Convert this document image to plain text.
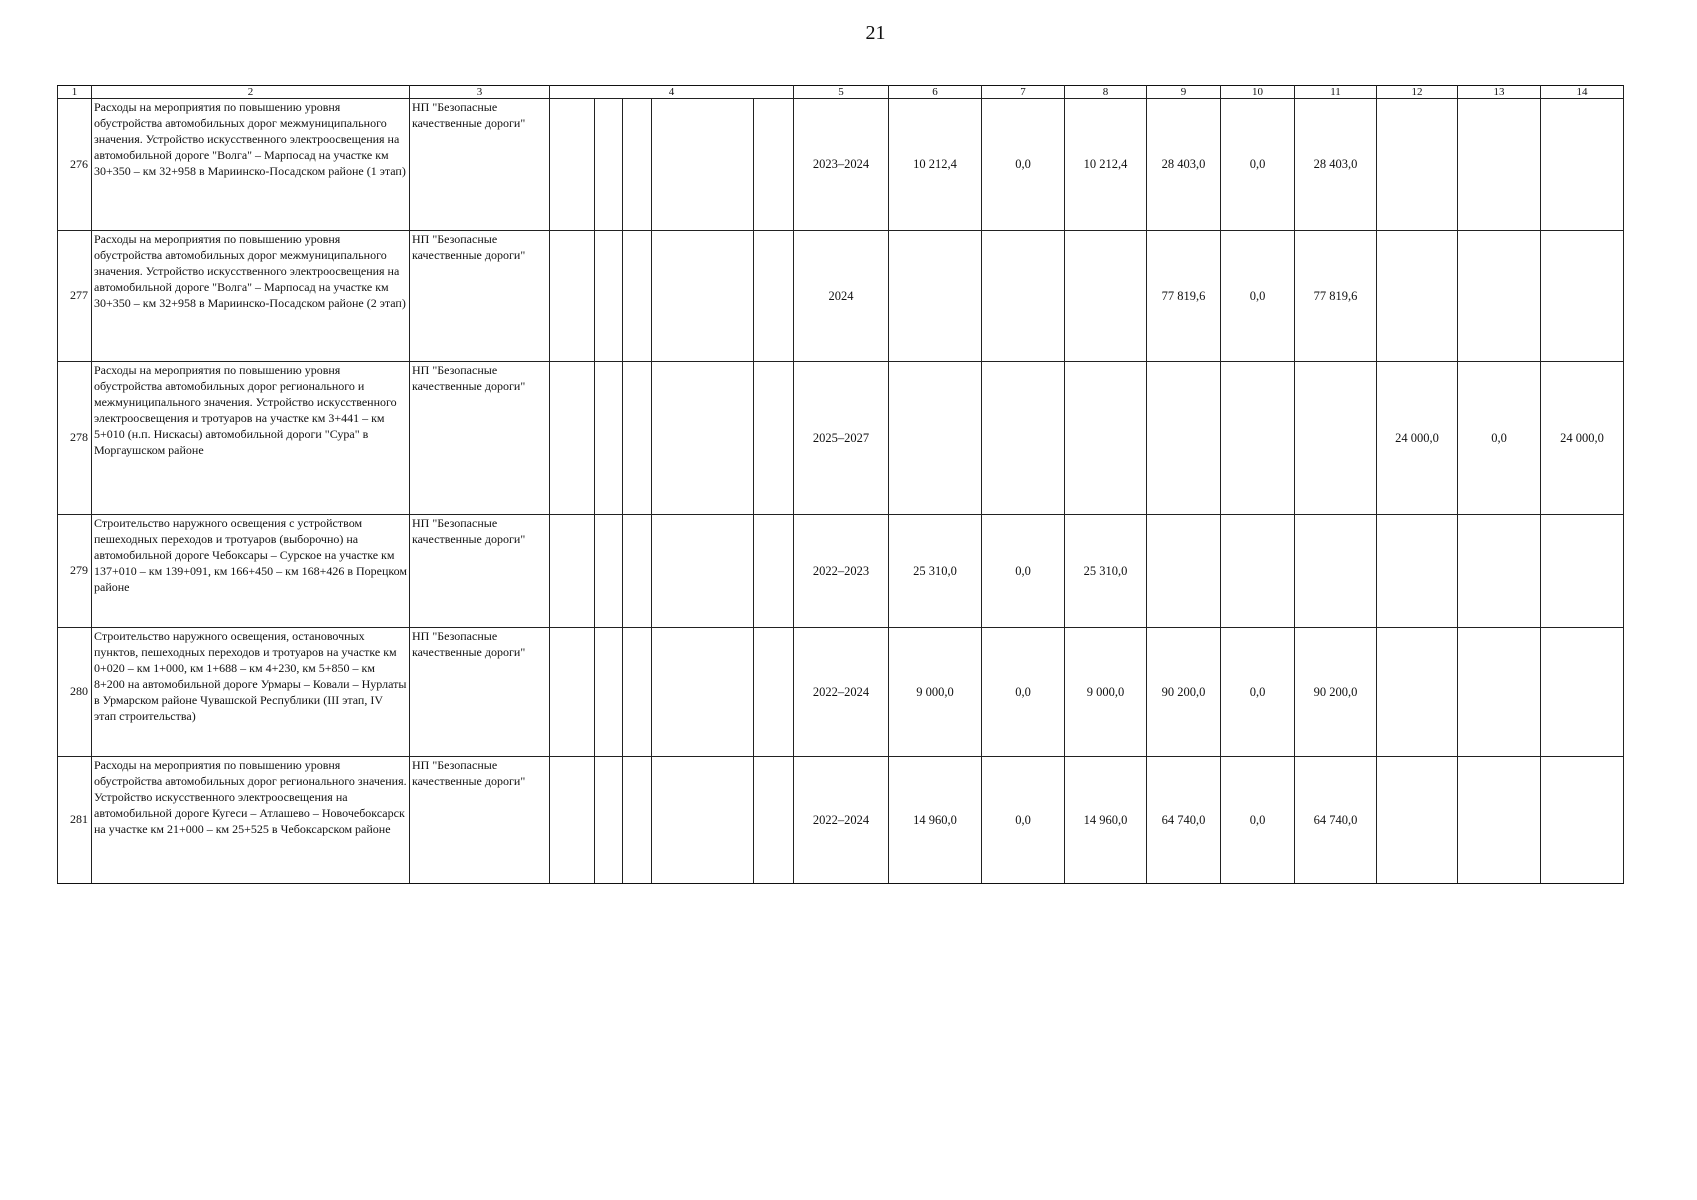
21
1	2	3	4					5	6	7	8	9	10	11	12	13	14
276	Расходы на мероприятия по повышению уровня обустройства автомобильных дорог межмуниципального значения. Устройство искусственного электроосвещения на автомобильной дороге "Волга" – Марпосад на участке км 30+350 – км 32+958 в Мариинско-Посадском районе (1 этап)	НП "Безопасные качественные дороги"						2023–2024	10 212,4	0,0	10 212,4	28 403,0	0,0	28 403,0			
277	Расходы на мероприятия по повышению уровня обустройства автомобильных дорог межмуниципального значения. Устройство искусственного электроосвещения на автомобильной дороге "Волга" – Марпосад на участке км 30+350 – км 32+958 в Мариинско-Посадском районе (2 этап)	НП "Безопасные качественные дороги"						2024				77 819,6	0,0	77 819,6			
278	Расходы на мероприятия по повышению уровня обустройства автомобильных дорог регионального и межмуниципального значения. Устройство искусственного электроосвещения и тротуаров на участке км 3+441 – км 5+010 (н.п. Нискасы) автомобильной дороги "Сура" в Моргаушском районе	НП "Безопасные качественные дороги"						2025–2027							24 000,0	0,0	24 000,0
279	Строительство наружного освещения с устройством пешеходных переходов и тротуаров (выборочно) на автомобильной дороге Чебоксары – Сурское на участке км 137+010 – км 139+091, км 166+450 – км 168+426 в Порецком районе	НП "Безопасные качественные дороги"						2022–2023	25 310,0	0,0	25 310,0						
280	Строительство наружного освещения, остановочных пунктов, пешеходных переходов и тротуаров на участке км 0+020 – км 1+000, км 1+688 – км 4+230, км 5+850 – км 8+200 на автомобильной дороге Урмары – Ковали – Нурлаты в Урмарском районе Чувашской Республики (III этап, IV этап строительства)	НП "Безопасные качественные дороги"						2022–2024	9 000,0	0,0	9 000,0	90 200,0	0,0	90 200,0			
281	Расходы на мероприятия по повышению уровня обустройства автомобильных дорог регионального значения. Устройство искусственного электроосвещения на автомобильной дороге Кугеси – Атлашево – Новочебоксарск на участке км 21+000 – км 25+525 в Чебоксарском районе	НП "Безопасные качественные дороги"						2022–2024	14 960,0	0,0	14 960,0	64 740,0	0,0	64 740,0			
